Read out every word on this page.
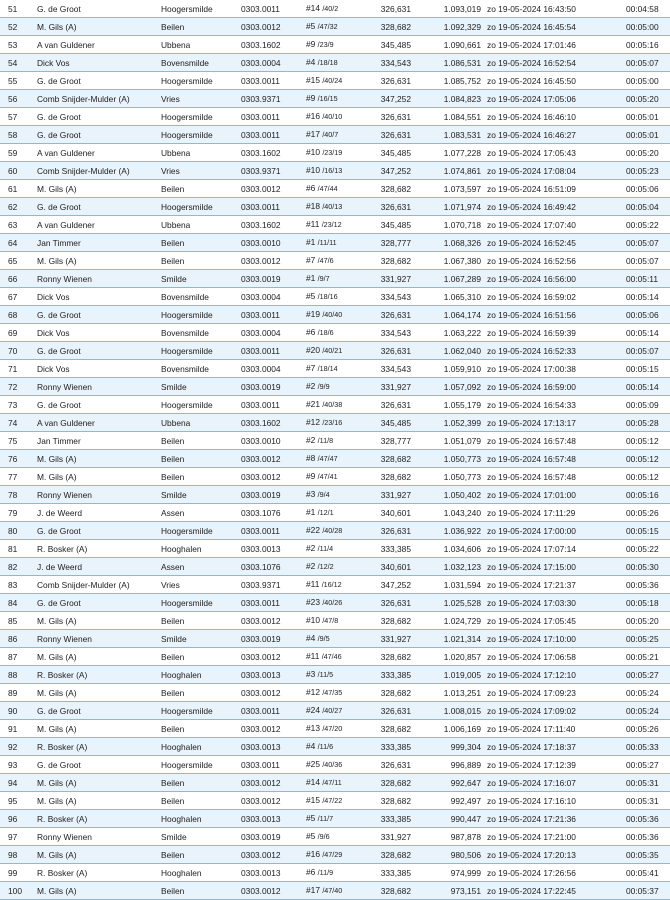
51	G. de Groot	Hoogersmilde	0303.0011	#14 /40/2	326,631	1.093,019	zo 19-05-2024 16:43:50	00:04:58
52	M. Gils (A)	Beilen	0303.0012	#5 /47/32	328,682	1.092,329	zo 19-05-2024 16:45:54	00:05:00
53	A van Guldener	Ubbena	0303.1602	#9 /23/9	345,485	1.090,661	zo 19-05-2024 17:01:46	00:05:16
54	Dick Vos	Bovensmilde	0303.0004	#4 /18/18	334,543	1.086,531	zo 19-05-2024 16:52:54	00:05:07
55	G. de Groot	Hoogersmilde	0303.0011	#15 /40/24	326,631	1.085,752	zo 19-05-2024 16:45:50	00:05:00
56	Comb Snijder-Mulder (A)	Vries	0303.9371	#9 /16/15	347,252	1.084,823	zo 19-05-2024 17:05:06	00:05:20
57	G. de Groot	Hoogersmilde	0303.0011	#16 /40/10	326,631	1.084,551	zo 19-05-2024 16:46:10	00:05:01
58	G. de Groot	Hoogersmilde	0303.0011	#17 /40/7	326,631	1.083,531	zo 19-05-2024 16:46:27	00:05:01
59	A van Guldener	Ubbena	0303.1602	#10 /23/19	345,485	1.077,228	zo 19-05-2024 17:05:43	00:05:20
60	Comb Snijder-Mulder (A)	Vries	0303.9371	#10 /16/13	347,252	1.074,861	zo 19-05-2024 17:08:04	00:05:23
61	M. Gils (A)	Beilen	0303.0012	#6 /47/44	328,682	1.073,597	zo 19-05-2024 16:51:09	00:05:06
62	G. de Groot	Hoogersmilde	0303.0011	#18 /40/13	326,631	1.071,974	zo 19-05-2024 16:49:42	00:05:04
63	A van Guldener	Ubbena	0303.1602	#11 /23/12	345,485	1.070,718	zo 19-05-2024 17:07:40	00:05:22
64	Jan Timmer	Beilen	0303.0010	#1 /11/11	328,777	1.068,326	zo 19-05-2024 16:52:45	00:05:07
65	M. Gils (A)	Beilen	0303.0012	#7 /47/6	328,682	1.067,380	zo 19-05-2024 16:52:56	00:05:07
66	Ronny Wienen	Smilde	0303.0019	#1 /9/7	331,927	1.067,289	zo 19-05-2024 16:56:00	00:05:11
67	Dick Vos	Bovensmilde	0303.0004	#5 /18/16	334,543	1.065,310	zo 19-05-2024 16:59:02	00:05:14
68	G. de Groot	Hoogersmilde	0303.0011	#19 /40/40	326,631	1.064,174	zo 19-05-2024 16:51:56	00:05:06
69	Dick Vos	Bovensmilde	0303.0004	#6 /18/6	334,543	1.063,222	zo 19-05-2024 16:59:39	00:05:14
70	G. de Groot	Hoogersmilde	0303.0011	#20 /40/21	326,631	1.062,040	zo 19-05-2024 16:52:33	00:05:07
71	Dick Vos	Bovensmilde	0303.0004	#7 /18/14	334,543	1.059,910	zo 19-05-2024 17:00:38	00:05:15
72	Ronny Wienen	Smilde	0303.0019	#2 /9/9	331,927	1.057,092	zo 19-05-2024 16:59:00	00:05:14
73	G. de Groot	Hoogersmilde	0303.0011	#21 /40/38	326,631	1.055,179	zo 19-05-2024 16:54:33	00:05:09
74	A van Guldener	Ubbena	0303.1602	#12 /23/16	345,485	1.052,399	zo 19-05-2024 17:13:17	00:05:28
75	Jan Timmer	Beilen	0303.0010	#2 /11/8	328,777	1.051,079	zo 19-05-2024 16:57:48	00:05:12
76	M. Gils (A)	Beilen	0303.0012	#8 /47/47	328,682	1.050,773	zo 19-05-2024 16:57:48	00:05:12
77	M. Gils (A)	Beilen	0303.0012	#9 /47/41	328,682	1.050,773	zo 19-05-2024 16:57:48	00:05:12
78	Ronny Wienen	Smilde	0303.0019	#3 /9/4	331,927	1.050,402	zo 19-05-2024 17:01:00	00:05:16
79	J. de Weerd	Assen	0303.1076	#1 /12/1	340,601	1.043,240	zo 19-05-2024 17:11:29	00:05:26
80	G. de Groot	Hoogersmilde	0303.0011	#22 /40/28	326,631	1.036,922	zo 19-05-2024 17:00:00	00:05:15
81	R. Bosker (A)	Hooghalen	0303.0013	#2 /11/4	333,385	1.034,606	zo 19-05-2024 17:07:14	00:05:22
82	J. de Weerd	Assen	0303.1076	#2 /12/2	340,601	1.032,123	zo 19-05-2024 17:15:00	00:05:30
83	Comb Snijder-Mulder (A)	Vries	0303.9371	#11 /16/12	347,252	1.031,594	zo 19-05-2024 17:21:37	00:05:36
84	G. de Groot	Hoogersmilde	0303.0011	#23 /40/26	326,631	1.025,528	zo 19-05-2024 17:03:30	00:05:18
85	M. Gils (A)	Beilen	0303.0012	#10 /47/8	328,682	1.024,729	zo 19-05-2024 17:05:45	00:05:20
86	Ronny Wienen	Smilde	0303.0019	#4 /9/5	331,927	1.021,314	zo 19-05-2024 17:10:00	00:05:25
87	M. Gils (A)	Beilen	0303.0012	#11 /47/46	328,682	1.020,857	zo 19-05-2024 17:06:58	00:05:21
88	R. Bosker (A)	Hooghalen	0303.0013	#3 /11/5	333,385	1.019,005	zo 19-05-2024 17:12:10	00:05:27
89	M. Gils (A)	Beilen	0303.0012	#12 /47/35	328,682	1.013,251	zo 19-05-2024 17:09:23	00:05:24
90	G. de Groot	Hoogersmilde	0303.0011	#24 /40/27	326,631	1.008,015	zo 19-05-2024 17:09:02	00:05:24
91	M. Gils (A)	Beilen	0303.0012	#13 /47/20	328,682	1.006,169	zo 19-05-2024 17:11:40	00:05:26
92	R. Bosker (A)	Hooghalen	0303.0013	#4 /11/6	333,385	999,304	zo 19-05-2024 17:18:37	00:05:33
93	G. de Groot	Hoogersmilde	0303.0011	#25 /40/36	326,631	996,889	zo 19-05-2024 17:12:39	00:05:27
94	M. Gils (A)	Beilen	0303.0012	#14 /47/11	328,682	992,647	zo 19-05-2024 17:16:07	00:05:31
95	M. Gils (A)	Beilen	0303.0012	#15 /47/22	328,682	992,497	zo 19-05-2024 17:16:10	00:05:31
96	R. Bosker (A)	Hooghalen	0303.0013	#5 /11/7	333,385	990,447	zo 19-05-2024 17:21:36	00:05:36
97	Ronny Wienen	Smilde	0303.0019	#5 /9/6	331,927	987,878	zo 19-05-2024 17:21:00	00:05:36
98	M. Gils (A)	Beilen	0303.0012	#16 /47/29	328,682	980,506	zo 19-05-2024 17:20:13	00:05:35
99	R. Bosker (A)	Hooghalen	0303.0013	#6 /11/9	333,385	974,999	zo 19-05-2024 17:26:56	00:05:41
100	M. Gils (A)	Beilen	0303.0012	#17 /47/40	328,682	973,151	zo 19-05-2024 17:22:45	00:05:37
